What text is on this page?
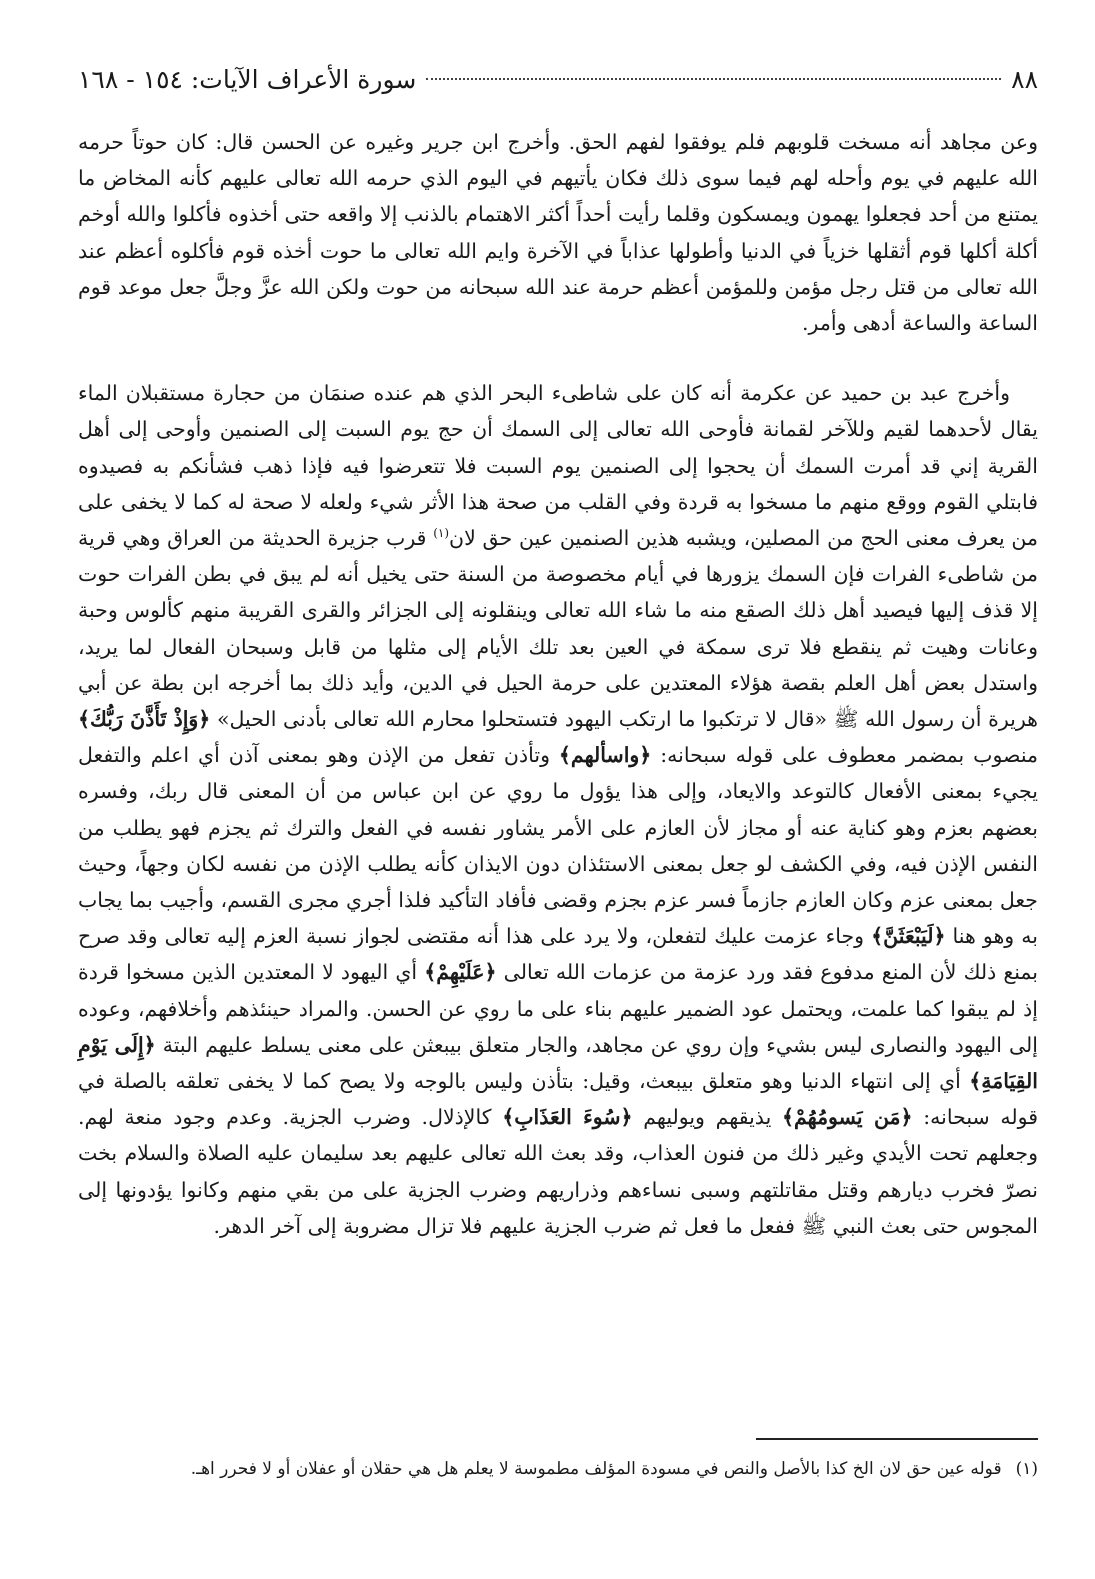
٨٨
سورة الأعراف الآيات: ١٥٤ - ١٦٨

وعن مجاهد أنه مسخت قلوبهم فلم يوفقوا لفهم الحق. وأخرج ابن جرير وغيره عن الحسن قال: كان حوتاً حرمه الله عليهم في يوم وأحله لهم فيما سوى ذلك فكان يأتيهم في اليوم الذي حرمه الله تعالى عليهم كأنه المخاض ما يمتنع من أحد فجعلوا يهمون ويمسكون وقلما رأيت أحداً أكثر الاهتمام بالذنب إلا واقعه حتى أخذوه فأكلوا والله أوخم أكلة أكلها قوم أثقلها خزياً في الدنيا وأطولها عذاباً في الآخرة وايم الله تعالى ما حوت أخذه قوم فأكلوه أعظم عند الله تعالى من قتل رجل مؤمن وللمؤمن أعظم حرمة عند الله سبحانه من حوت ولكن الله عزَّ وجلَّ جعل موعد قوم الساعة والساعة أدهى وأمر.

وأخرج عبد بن حميد عن عكرمة أنه كان على شاطىء البحر الذي هم عنده صنمَان من حجارة مستقبلان الماء يقال لأحدهما لقيم وللآخر لقمانة فأوحى الله تعالى إلى السمك أن حج يوم السبت إلى الصنمين وأوحى إلى أهل القرية إني قد أمرت السمك أن يحجوا إلى الصنمين يوم السبت فلا تتعرضوا فيه فإذا ذهب فشأنكم به فصيدوه فابتلي القوم ووقع منهم ما مسخوا به قردة وفي القلب من صحة هذا الأثر شيء ولعله لا صحة له كما لا يخفى على من يعرف معنى الحج من المصلين، ويشبه هذين الصنمين عين حق لان$^{(١)}$ قرب جزيرة الحديثة من العراق وهي قرية من شاطىء الفرات فإن السمك يزورها في أيام مخصوصة من السنة حتى يخيل أنه لم يبق في بطن الفرات حوت إلا قذف إليها فيصيد أهل ذلك الصقع منه ما شاء الله تعالى وينقلونه إلى الجزائر والقرى القريبة منهم كألوس وحبة وعانات وهيت ثم ينقطع فلا ترى سمكة في العين بعد تلك الأيام إلى مثلها من قابل وسبحان الفعال لما يريد، واستدل بعض أهل العلم بقصة هؤلاء المعتدين على حرمة الحيل في الدين، وأيد ذلك بما أخرجه ابن بطة عن أبي هريرة أن رسول الله ﷺ «قال لا ترتكبوا ما ارتكب اليهود فتستحلوا محارم الله تعالى بأدنى الحيل» ﴿وَإِذْ تَأَذَّنَ رَبُّكَ﴾ منصوب بمضمر معطوف على قوله سبحانه: ﴿واسألهم﴾ وتأذن تفعل من الإذن وهو بمعنى آذن أي اعلم والتفعل يجيء بمعنى الأفعال كالتوعد والايعاد، وإلى هذا يؤول ما روي عن ابن عباس من أن المعنى قال ربك، وفسره بعضهم بعزم وهو كناية عنه أو مجاز لأن العازم على الأمر يشاور نفسه في الفعل والترك ثم يجزم فهو يطلب من النفس الإذن فيه، وفي الكشف لو جعل بمعنى الاستئذان دون الايذان كأنه يطلب الإذن من نفسه لكان وجهاً، وحيث جعل بمعنى عزم وكان العازم جازماً فسر عزم بجزم وقضى فأفاد التأكيد فلذا أجري مجرى القسم، وأجيب بما يجاب به وهو هنا ﴿لَيَبْعَثَنَّ﴾ وجاء عزمت عليك لتفعلن، ولا يرد على هذا أنه مقتضى لجواز نسبة العزم إليه تعالى وقد صرح بمنع ذلك لأن المنع مدفوع فقد ورد عزمة من عزمات الله تعالى ﴿عَلَيْهِمْ﴾ أي اليهود لا المعتدين الذين مسخوا قردة إذ لم يبقوا كما علمت، ويحتمل عود الضمير عليهم بناء على ما روي عن الحسن. والمراد حينئذهم وأخلافهم، وعوده إلى اليهود والنصارى ليس بشيء وإن روي عن مجاهد، والجار متعلق بيبعثن على معنى يسلط عليهم البتة ﴿إِلَى يَوْمِ القِيَامَةِ﴾ أي إلى انتهاء الدنيا وهو متعلق بيبعث، وقيل: بتأذن وليس بالوجه ولا يصح كما لا يخفى تعلقه بالصلة في قوله سبحانه: ﴿مَن يَسومُهُمْ﴾ يذيقهم ويوليهم ﴿سُوءَ العَذَابِ﴾ كالإذلال. وضرب الجزية. وعدم وجود منعة لهم. وجعلهم تحت الأيدي وغير ذلك من فنون العذاب، وقد بعث الله تعالى عليهم بعد سليمان عليه الصلاة والسلام بخت نصرّ فخرب ديارهم وقتل مقاتلتهم وسبى نساءهم وذراريهم وضرب الجزية على من بقي منهم وكانوا يؤدونها إلى المجوس حتى بعث النبي ﷺ ففعل ما فعل ثم ضرب الجزية عليهم فلا تزال مضروبة إلى آخر الدهر.

(١)قوله عين حق لان الخ كذا بالأصل والنص في مسودة المؤلف مطموسة لا يعلم هل هي حقلان أو عفلان أو لا فحرر اهـ.
